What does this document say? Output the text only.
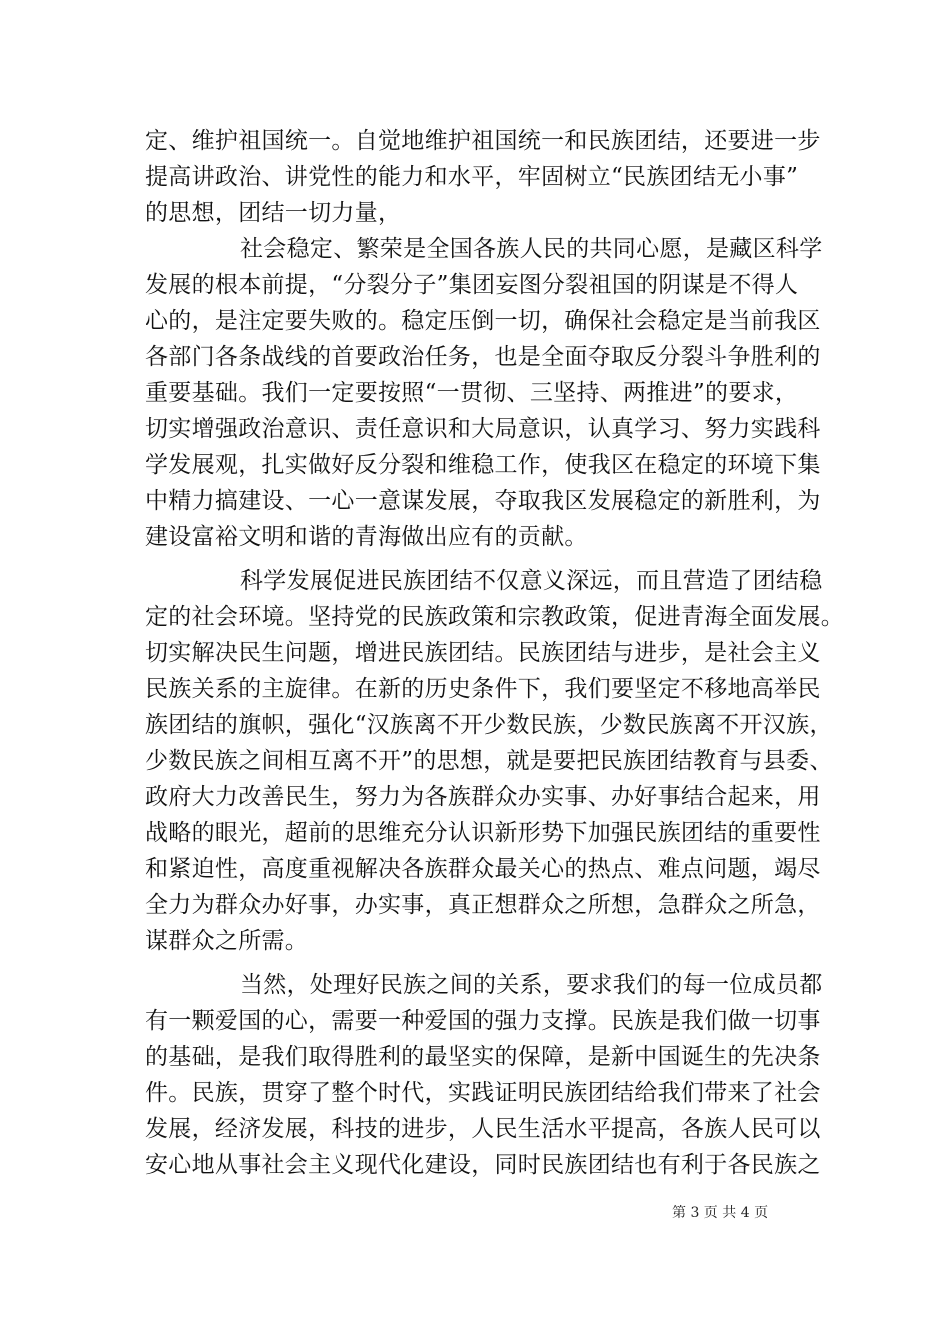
定、维护祖国统一。自觉地维护祖国统一和民族团结，还要进一步
提高讲政治、讲党性的能力和水平，牢固树立“民族团结无小事”
的思想，团结一切力量，
社会稳定、繁荣是全国各族人民的共同心愿，是藏区科学
发展的根本前提，“分裂分子”集团妄图分裂祖国的阴谋是不得人
心的，是注定要失败的。稳定压倒一切，确保社会稳定是当前我区
各部门各条战线的首要政治任务，也是全面夺取反分裂斗争胜利的
重要基础。我们一定要按照“一贯彻、三坚持、两推进”的要求，
切实增强政治意识、责任意识和大局意识，认真学习、努力实践科
学发展观，扎实做好反分裂和维稳工作，使我区在稳定的环境下集
中精力搞建设、一心一意谋发展，夺取我区发展稳定的新胜利，为
建设富裕文明和谐的青海做出应有的贡献。
科学发展促进民族团结不仅意义深远，而且营造了团结稳
定的社会环境。坚持党的民族政策和宗教政策，促进青海全面发展。
切实解决民生问题，增进民族团结。民族团结与进步，是社会主义
民族关系的主旋律。在新的历史条件下，我们要坚定不移地高举民
族团结的旗帜，强化“汉族离不开少数民族，少数民族离不开汉族，
少数民族之间相互离不开”的思想，就是要把民族团结教育与县委、
政府大力改善民生，努力为各族群众办实事、办好事结合起来，用
战略的眼光，超前的思维充分认识新形势下加强民族团结的重要性
和紧迫性，高度重视解决各族群众最关心的热点、难点问题，竭尽
全力为群众办好事，办实事，真正想群众之所想，急群众之所急，
谋群众之所需。
当然，处理好民族之间的关系，要求我们的每一位成员都
有一颗爱国的心，需要一种爱国的强力支撑。民族是我们做一切事
的基础，是我们取得胜利的最坚实的保障，是新中国诞生的先决条
件。民族，贯穿了整个时代，实践证明民族团结给我们带来了社会
发展，经济发展，科技的进步，人民生活水平提高，各族人民可以
安心地从事社会主义现代化建设，同时民族团结也有利于各民族之
第 3 页 共 4 页
